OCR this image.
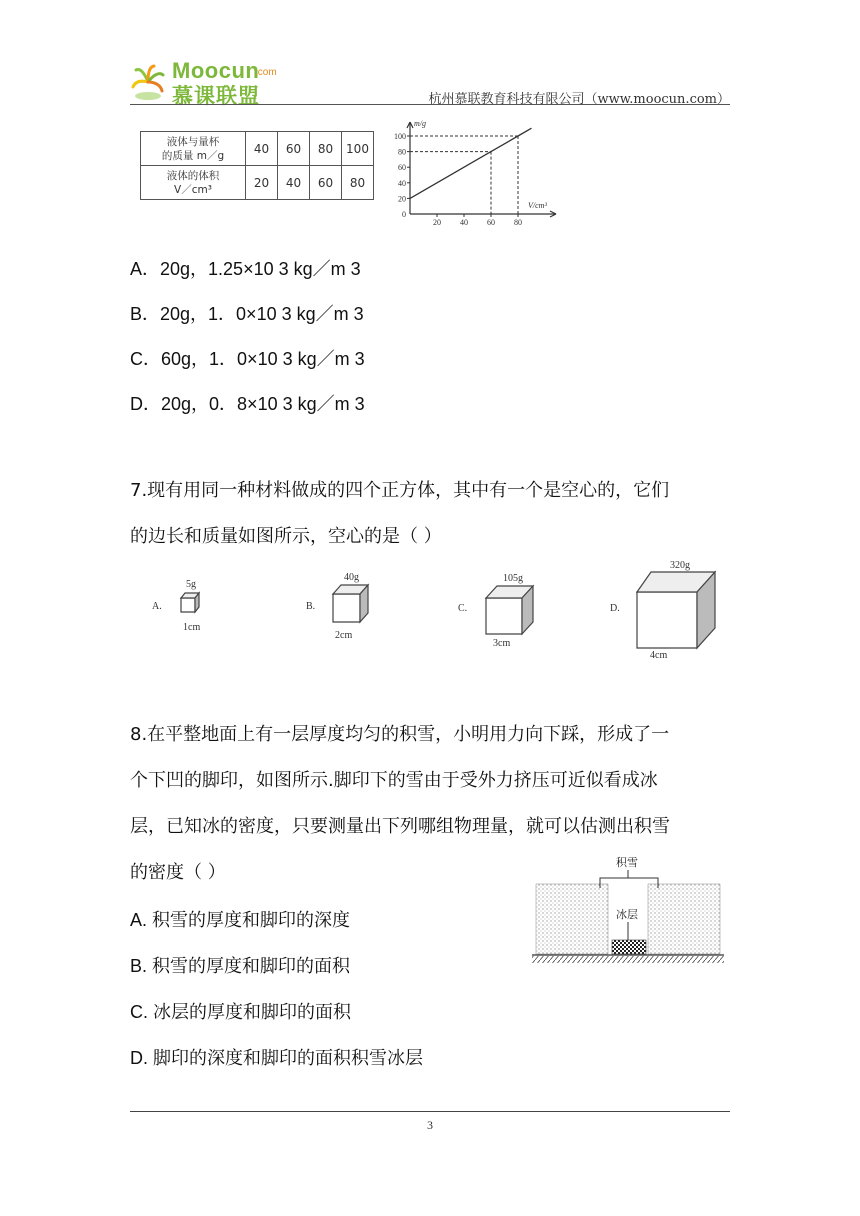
Moocun
.com
慕课联盟	杭州慕联教育科技有限公司（www.moocun.com）
液体与量杯
的质量 m／g	40	60	80	100

液体的体积
V／cm³	20	40	60	80
20 40 60 80
0
20
40
60
80
100
m/g
V/cm³
A．20g，1.25×10 3 kg／m 3
B．20g，1．0×10 3 kg／m 3
C．60g，1．0×10 3 kg／m 3
D．20g，0．8×10 3 kg／m 3
7.现有用同一种材料做成的四个正方体，其中有一个是空心的，它们
的边长和质量如图所示，空心的是（ ）
A.
5g
1cm
B.
40g
2cm
C.
105g
3cm
D.
320g
4cm
8.在平整地面上有一层厚度均匀的积雪，小明用力向下踩，形成了一
个下凹的脚印，如图所示.脚印下的雪由于受外力挤压可近似看成冰
层，已知冰的密度，只要测量出下列哪组物理量，就可以估测出积雪
的密度（ ）
A. 积雪的厚度和脚印的深度
B. 积雪的厚度和脚印的面积
C. 冰层的厚度和脚印的面积
D. 脚印的深度和脚印的面积积雪冰层
积雪
冰层
3
